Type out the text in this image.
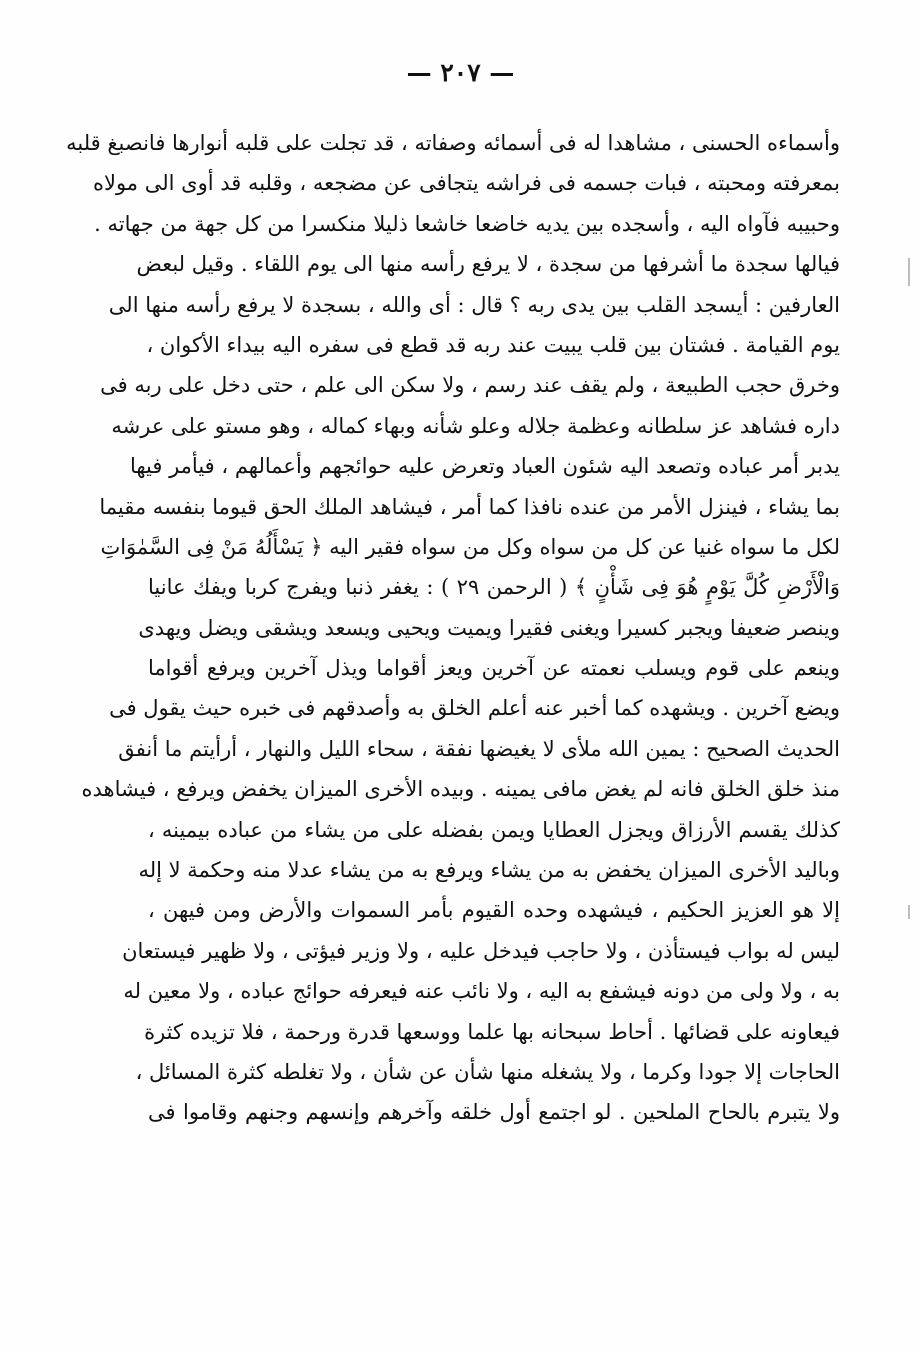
— ٢٠٧ —
وأسماءه الحسنى ، مشاهدا له فى أسمائه وصفاته ، قد تجلت على قلبه أنوارها فانصبغ قلبه
بمعرفته ومحبته ، فبات جسمه فى فراشه يتجافى عن مضجعه ، وقلبه قد أوى الى مولاه
وحبيبه فآواه اليه ، وأسجده بين يديه خاضعا خاشعا ذليلا منكسرا من كل جهة من جهاته .
فيالها سجدة ما أشرفها من سجدة ، لا يرفع رأسه منها الى يوم اللقاء . وقيل لبعض
العارفين : أيسجد القلب بين يدى ربه ؟ قال : أى والله ، بسجدة لا يرفع رأسه منها الى
يوم القيامة . فشتان بين قلب يبيت عند ربه قد قطع فى سفره اليه بيداء الأكوان ،
وخرق حجب الطبيعة ، ولم يقف عند رسم ، ولا سكن الى علم ، حتى دخل على ربه فى
داره فشاهد عز سلطانه وعظمة جلاله وعلو شأنه وبهاء كماله ، وهو مستو على عرشه
يدبر أمر عباده وتصعد اليه شئون العباد وتعرض عليه حوائجهم وأعمالهم ، فيأمر فيها
بما يشاء ، فينزل الأمر من عنده نافذا كما أمر ، فيشاهد الملك الحق قيوما بنفسه مقيما
لكل ما سواه غنيا عن كل من سواه وكل من سواه فقير اليه ﴿ يَسْأَلُهُ مَنْ فِى السَّمٰوَاتِ
وَالْأَرْضِ كُلَّ يَوْمٍ هُوَ فِى شَأْنٍ ﴾ ( الرحمن ٢٩ ) : يغفر ذنبا ويفرج كربا ويفك عانيا
وينصر ضعيفا ويجبر كسيرا ويغنى فقيرا ويميت ويحيى ويسعد ويشقى ويضل ويهدى
وينعم على قوم ويسلب نعمته عن آخرين ويعز أقواما ويذل آخرين ويرفع أقواما
ويضع آخرين . ويشهده كما أخبر عنه أعلم الخلق به وأصدقهم فى خبره حيث يقول فى
الحديث الصحيح : يمين الله ملأى لا يغيضها نفقة ، سحاء الليل والنهار ، أرأيتم ما أنفق
منذ خلق الخلق فانه لم يغض مافى يمينه . وبيده الأخرى الميزان يخفض ويرفع ، فيشاهده
كذلك يقسم الأرزاق ويجزل العطايا ويمن بفضله على من يشاء من عباده بيمينه ،
وباليد الأخرى الميزان يخفض به من يشاء ويرفع به من يشاء عدلا منه وحكمة لا إله
إلا هو العزيز الحكيم ، فيشهده وحده القيوم بأمر السموات والأرض ومن فيهن ،
ليس له بواب فيستأذن ، ولا حاجب فيدخل عليه ، ولا وزير فيؤتى ، ولا ظهير فيستعان
به ، ولا ولى من دونه فيشفع به اليه ، ولا نائب عنه فيعرفه حوائج عباده ، ولا معين له
فيعاونه على قضائها . أحاط سبحانه بها علما ووسعها قدرة ورحمة ، فلا تزيده كثرة
الحاجات إلا جودا وكرما ، ولا يشغله منها شأن عن شأن ، ولا تغلطه كثرة المسائل ،
ولا يتبرم بالحاح الملحين . لو اجتمع أول خلقه وآخرهم وإنسهم وجنهم وقاموا فى
